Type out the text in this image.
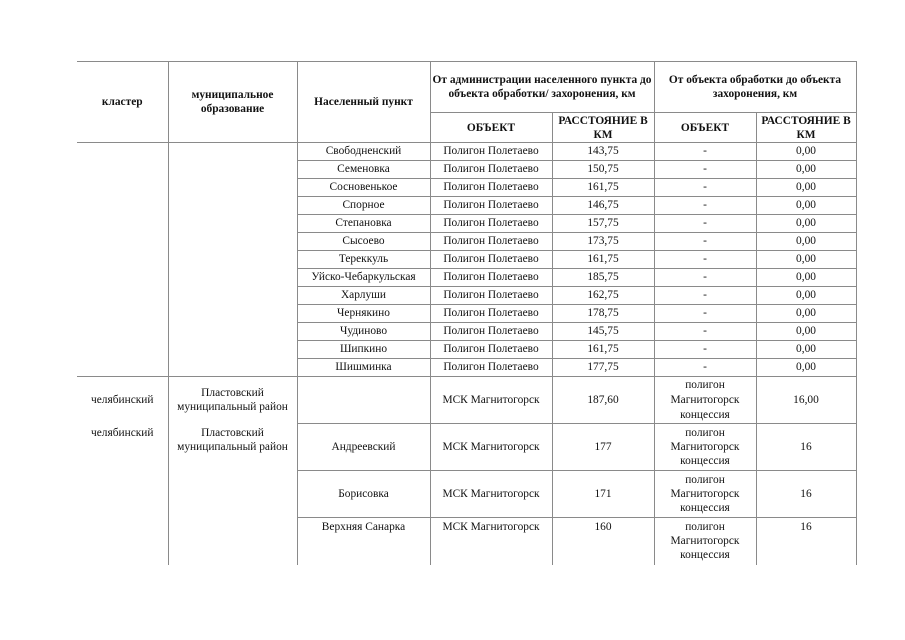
кластер	муниципальное образование	Населенный пункт	От администрации населенного пункта до объекта обработки/ захоронения, км		От объекта обработки до объекта захоронения, км	
			ОБЪЕКТ	РАССТОЯНИЕ В КМ	ОБЪЕКТ	РАССТОЯНИЕ В КМ
		Свободненский	Полигон Полетаево	143,75	-	0,00
		Семеновка	Полигон Полетаево	150,75	-	0,00
		Сосновенькое	Полигон Полетаево	161,75	-	0,00
		Спорное	Полигон Полетаево	146,75	-	0,00
		Степановка	Полигон Полетаево	157,75	-	0,00
		Сысоево	Полигон Полетаево	173,75	-	0,00
		Тереккуль	Полигон Полетаево	161,75	-	0,00
		Уйско-Чебаркульская	Полигон Полетаево	185,75	-	0,00
		Харлуши	Полигон Полетаево	162,75	-	0,00
		Чернякино	Полигон Полетаево	178,75	-	0,00
		Чудиново	Полигон Полетаево	145,75	-	0,00
		Шипкино	Полигон Полетаево	161,75	-	0,00
		Шишминка	Полигон Полетаево	177,75	-	0,00
челябинский	Пластовский муниципальный район		МСК Магнитогорск	187,60	полигон Магнитогорск концессия	16,00
челябинский	Пластовский муниципальный район	Андреевский	МСК Магнитогорск	177	полигон Магнитогорск концессия	16
		Борисовка	МСК Магнитогорск	171	полигон Магнитогорск концессия	16
		Верхняя Санарка	МСК Магнитогорск	160	полигон Магнитогорск концессия	16
